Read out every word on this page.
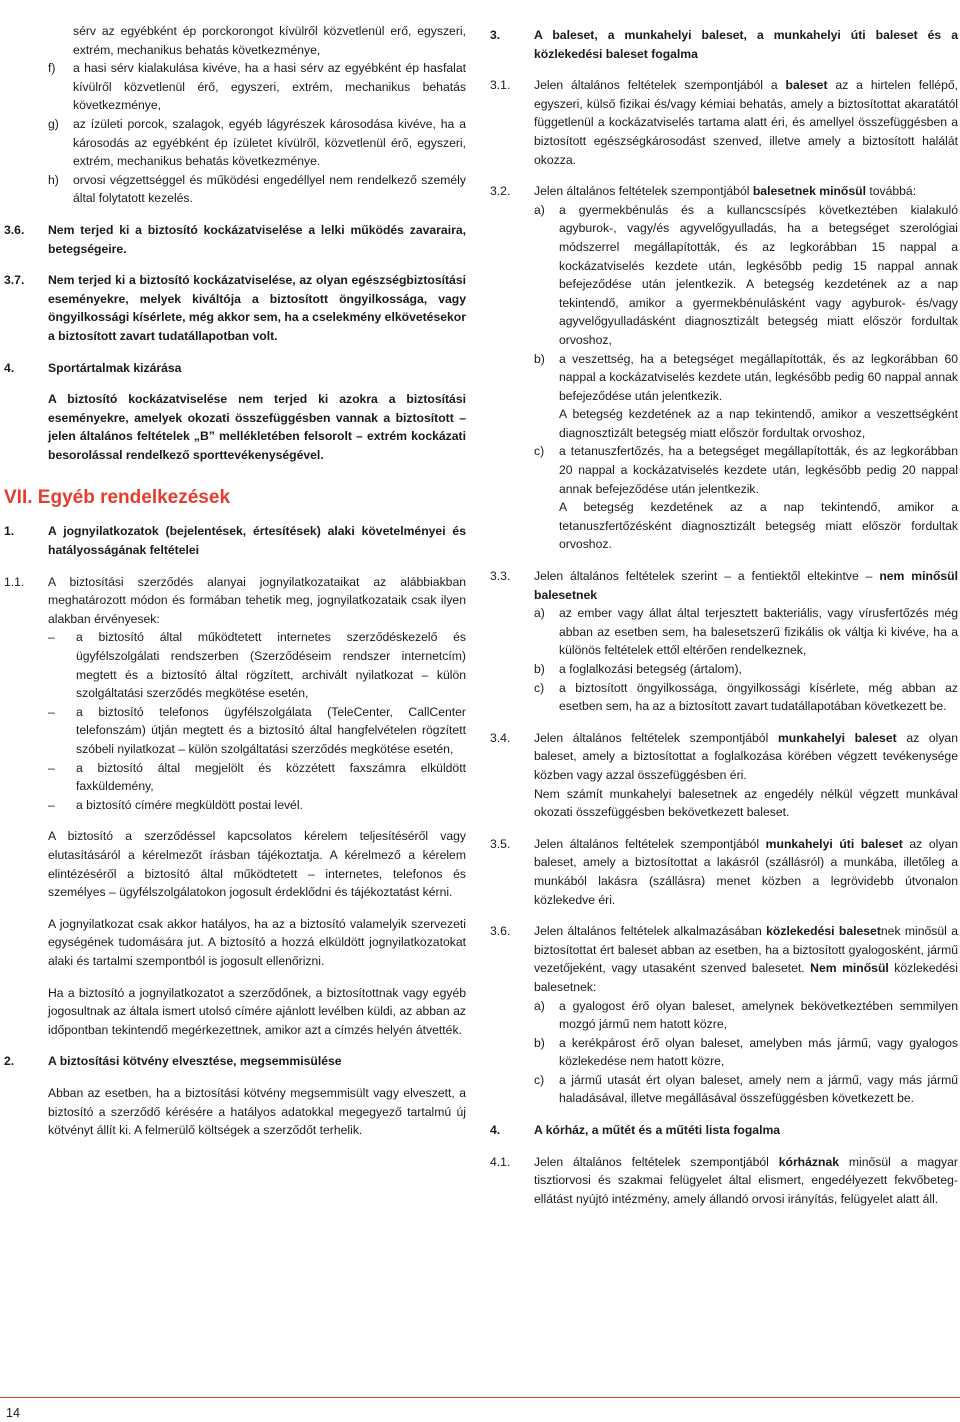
sérv az egyébként ép porckorongot kívülről közvetlenül erő, egyszeri, extrém, mechanikus behatás következménye,
f)	a hasi sérv kialakulása kivéve, ha a hasi sérv az egyébként ép hasfalat kívülről közvetlenül érő, egyszeri, extrém, mechanikus behatás következménye,
g)	az ízületi porcok, szalagok, egyéb lágyrészek károsodása kivéve, ha a károsodás az egyébként ép ízületet kívülről, közvetlenül érő, egyszeri, extrém, mechanikus behatás következménye.
h)	orvosi végzettséggel és működési engedéllyel nem rendelkező személy által folytatott kezelés.
3.6.	Nem terjed ki a biztosító kockázatviselése a lelki működés zavaraira, betegségeire.
3.7.	Nem terjed ki a biztosító kockázatviselése, az olyan egészségbiztosítási eseményekre, melyek kiváltója a biztosított öngyilkossága, vagy öngyilkossági kísérlete, még akkor sem, ha a cselekmény elkövetésekor a biztosított zavart tudatállapotban volt.
4.	Sportártalmak kizárása
A biztosító kockázatviselése nem terjed ki azokra a biztosítási eseményekre, amelyek okozati összefüggésben vannak a biztosított – jelen általános feltételek „B” mellékletében felsorolt – extrém kockázati besorolással rendelkező sporttevékenységével.
VII. Egyéb rendelkezések
1.	A jognyilatkozatok (bejelentések, értesítések) alaki követelményei és hatályosságának feltételei
1.1.	A biztosítási szerződés alanyai jognyilatkozataikat az alábbiakban meghatározott módon és formában tehetik meg, jognyilatkozataik csak ilyen alakban érvényesek:
–	a biztosító által működtetett internetes szerződéskezelő és ügyfélszolgálati rendszerben (Szerződéseim rendszer internetcím) megtett és a biztosító által rögzített, archivált nyilatkozat – külön szolgáltatási szerződés megkötése esetén,
–	a biztosító telefonos ügyfélszolgálata (TeleCenter, CallCenter telefonszám) útján megtett és a biztosító által hangfelvételen rögzített szóbeli nyilatkozat – külön szolgáltatási szerződés megkötése esetén,
–	a biztosító által megjelölt és közzétett faxszámra elküldött faxküldemény,
–	a biztosító címére megküldött postai levél.
A biztosító a szerződéssel kapcsolatos kérelem teljesítéséről vagy elutasításáról a kérelmezőt írásban tájékoztatja. A kérelmező a kérelem elintézéséről a biztosító által működtetett – internetes, telefonos és személyes – ügyfélszolgálatokon jogosult érdeklődni és tájékoztatást kérni.
A jognyilatkozat csak akkor hatályos, ha az a biztosító valamelyik szervezeti egységének tudomására jut. A biztosító a hozzá elküldött jognyilatkozatokat alaki és tartalmi szempontból is jogosult ellenőrizni.
Ha a biztosító a jognyilatkozatot a szerződőnek, a biztosítottnak vagy egyéb jogosultnak az általa ismert utolsó címére ajánlott levélben küldi, az abban az időpontban tekintendő megérkezettnek, amikor azt a címzés helyén átvették.
2.	A biztosítási kötvény elvesztése, megsemmisülése
Abban az esetben, ha a biztosítási kötvény megsemmisült vagy elveszett, a biztosító a szerződő kérésére a hatályos adatokkal megegyező tartalmú új kötvényt állít ki. A felmerülő költségek a szerződőt terhelik.
3.	A baleset, a munkahelyi baleset, a munkahelyi úti baleset és a közlekedési baleset fogalma
3.1.	Jelen általános feltételek szempontjából a baleset az a hirtelen fellépő, egyszeri, külső fizikai és/vagy kémiai behatás, amely a biztosítottat akaratától függetlenül a kockázatviselés tartama alatt éri, és amellyel összefüggésben a biztosított egészségkárosodást szenved, illetve amely a biztosított halálát okozza.
3.2.	Jelen általános feltételek szempontjából balesetnek minősül továbbá:
a)	a gyermekbénulás és a kullancscsípés következtében kialakuló agyburok-, vagy/és agyvelőgyulladás, ha a betegséget szerológiai módszerrel megállapították, és az legkorábban 15 nappal a kockázatviselés kezdete után, legkésőbb pedig 15 nappal annak befejeződése után jelentkezik. A betegség kezdetének az a nap tekintendő, amikor a gyermekbénulásként vagy agyburok- és/vagy agyvelőgyulladásként diagnosztizált betegség miatt először fordultak orvoshoz,
b)	a veszettség, ha a betegséget megállapították, és az legkorábban 60 nappal a kockázatviselés kezdete után, legkésőbb pedig 60 nappal annak befejeződése után jelentkezik.
A betegség kezdetének az a nap tekintendő, amikor a veszettségként diagnosztizált betegség miatt először fordultak orvoshoz,
c)	a tetanuszfertőzés, ha a betegséget megállapították, és az legkorábban 20 nappal a kockázatviselés kezdete után, legkésőbb pedig 20 nappal annak befejeződése után jelentkezik.
A betegség kezdetének az a nap tekintendő, amikor a tetanuszfertőzésként diagnosztizált betegség miatt először fordultak orvoshoz.
3.3.	Jelen általános feltételek szerint – a fentiektől eltekintve – nem minősül balesetnek
a)	az ember vagy állat által terjesztett bakteriális, vagy vírusfertőzés még abban az esetben sem, ha balesetszerű fizikális ok váltja ki kivéve, ha a különös feltételek ettől eltérően rendelkeznek,
b)	a foglalkozási betegség (ártalom),
c)	a biztosított öngyilkossága, öngyilkossági kísérlete, még abban az esetben sem, ha az a biztosított zavart tudatállapotában következett be.
3.4.	Jelen általános feltételek szempontjából munkahelyi baleset az olyan baleset, amely a biztosítottat a foglalkozása körében végzett tevékenysége közben vagy azzal összefüggésben éri.
Nem számít munkahelyi balesetnek az engedély nélkül végzett munkával okozati összefüggésben bekövetkezett baleset.
3.5.	Jelen általános feltételek szempontjából munkahelyi úti baleset az olyan baleset, amely a biztosítottat a lakásról (szállásról) a munkába, illetőleg a munkából lakásra (szállásra) menet közben a legrövidebb útvonalon közlekedve éri.
3.6.	Jelen általános feltételek alkalmazásában közlekedési balesetnek minősül a biztosítottat ért baleset abban az esetben, ha a biztosított gyalogosként, jármű vezetőjeként, vagy utasaként szenved balesetet. Nem minősül közlekedési balesetnek:
a)	a gyalogost érő olyan baleset, amelynek bekövetkeztében semmilyen mozgó jármű nem hatott közre,
b)	a kerékpárost érő olyan baleset, amelyben más jármű, vagy gyalogos közlekedése nem hatott közre,
c)	a jármű utasát ért olyan baleset, amely nem a jármű, vagy más jármű haladásával, illetve megállásával összefüggésben következett be.
4.	A kórház, a műtét és a műtéti lista fogalma
4.1.	Jelen általános feltételek szempontjából kórháznak minősül a magyar tisztiorvosi és szakmai felügyelet által elismert, engedélyezett fekvőbeteg-ellátást nyújtó intézmény, amely állandó orvosi irányítás, felügyelet alatt áll.
14
